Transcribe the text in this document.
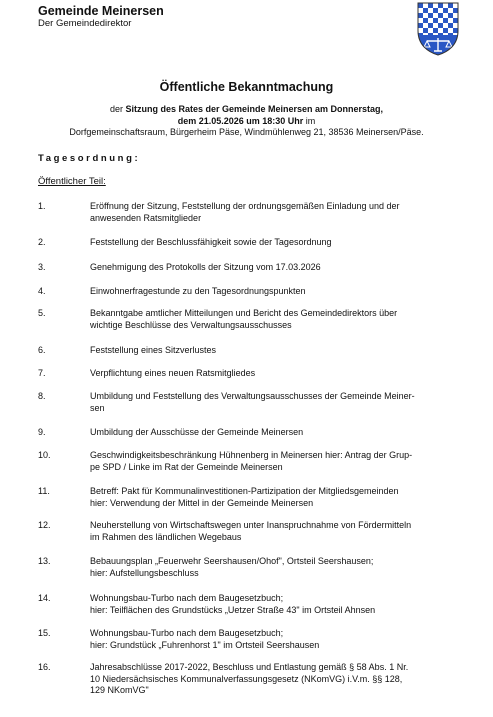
Gemeinde Meinersen
Der Gemeindedirektor
Öffentliche Bekanntmachung
der Sitzung des Rates der Gemeinde Meinersen am Donnerstag,
dem 21.05.2026 um 18:30 Uhr im
Dorfgemeinschaftsraum, Bürgerheim Päse, Windmühlenweg 21, 38536 Meinersen/Päse.
Tagesordnung:
Öffentlicher Teil:
1.	Eröffnung der Sitzung, Feststellung der ordnungsgemäßen Einladung und der
anwesenden Ratsmitglieder
2.	Feststellung der Beschlussfähigkeit sowie der Tagesordnung
3.	Genehmigung des Protokolls der Sitzung vom 17.03.2026
4.	Einwohnerfragestunde zu den Tagesordnungspunkten
5.	Bekanntgabe amtlicher Mitteilungen und Bericht des Gemeindedirektors über
wichtige Beschlüsse des Verwaltungsausschusses
6.	Feststellung eines Sitzverlustes
7.	Verpflichtung eines neuen Ratsmitgliedes
8.	Umbildung und Feststellung des Verwaltungsausschusses der Gemeinde Meiner-
sen
9.	Umbildung der Ausschüsse der Gemeinde Meinersen
10.	Geschwindigkeitsbeschränkung Hühnenberg in Meinersen hier: Antrag der Grup-
pe SPD / Linke im Rat der Gemeinde Meinersen
11.	Betreff: Pakt für Kommunalinvestitionen-Partizipation der Mitgliedsgemeinden
hier: Verwendung der Mittel in der Gemeinde Meinersen
12.	Neuherstellung von Wirtschaftswegen unter Inanspruchnahme von Fördermitteln
im Rahmen des ländlichen Wegebaus
13.	Bebauungsplan „Feuerwehr Seershausen/Ohof", Ortsteil Seershausen;
hier: Aufstellungsbeschluss
14.	Wohnungsbau-Turbo nach dem Baugesetzbuch;
hier: Teilflächen des Grundstücks „Uetzer Straße 43" im Ortsteil Ahnsen
15.	Wohnungsbau-Turbo nach dem Baugesetzbuch;
hier: Grundstück „Fuhrenhorst 1" im Ortsteil Seershausen
16.	Jahresabschlüsse 2017-2022, Beschluss und Entlastung gemäß § 58 Abs. 1 Nr.
10 Niedersächsisches Kommunalverfassungsgesetz (NKomVG) i.V.m. §§ 128,
129 NKomVG"
